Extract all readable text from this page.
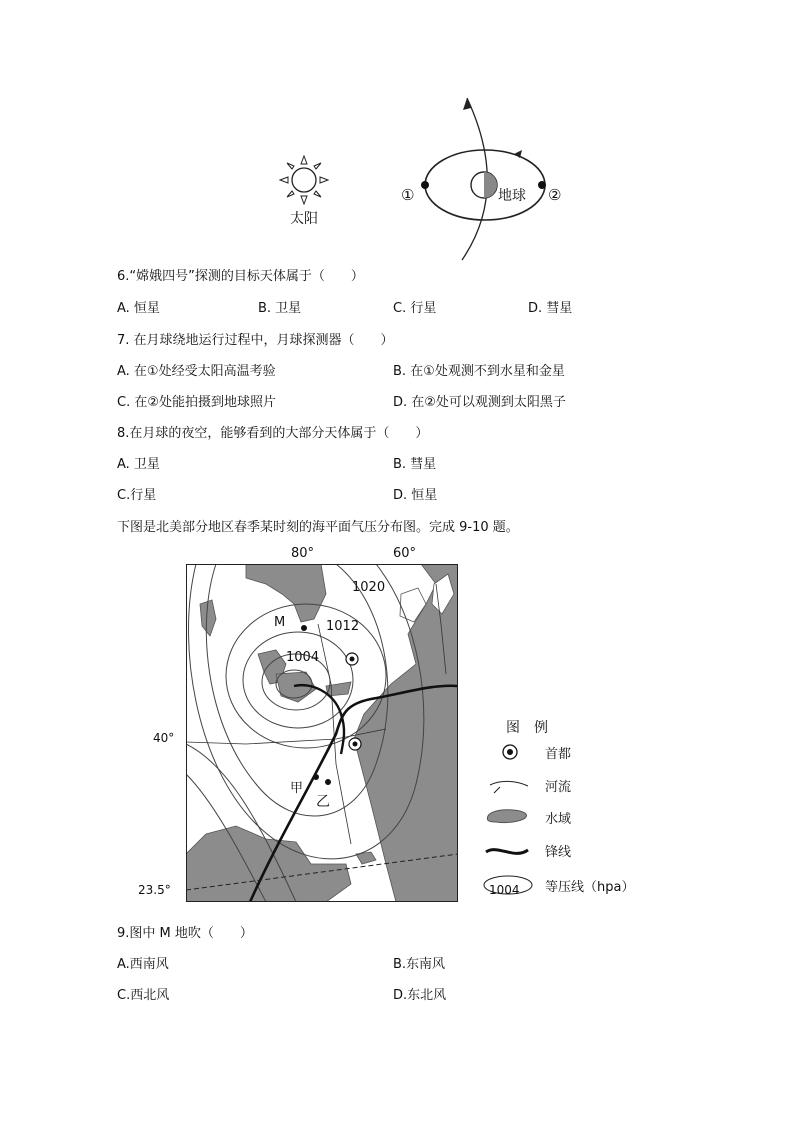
太阳
地球
①	②
6.“嫦娥四号”探测的目标天体属于（　　）
A. 恒星	B. 卫星	C. 行星	D. 彗星
7. 在月球绕地运行过程中，月球探测器（　　）
A. 在①处经受太阳高温考验	B. 在①处观测不到水星和金星
C. 在②处能拍摄到地球照片	D. 在②处可以观测到太阳黑子
8.在月球的夜空，能够看到的大部分天体属于（　　）
A. 卫星	B. 彗星
C.行星	D. 恒星
下图是北美部分地区春季某时刻的海平面气压分布图。完成 9-10 题。
80°	60°
40°
23.5°
1020
1012
1004
M
甲
乙
图　例
首都
河流
水域
锋线
1004 等压线（hpa）
9.图中 M 地吹（　　）
A.西南风	B.东南风
C.西北风	D.东北风
